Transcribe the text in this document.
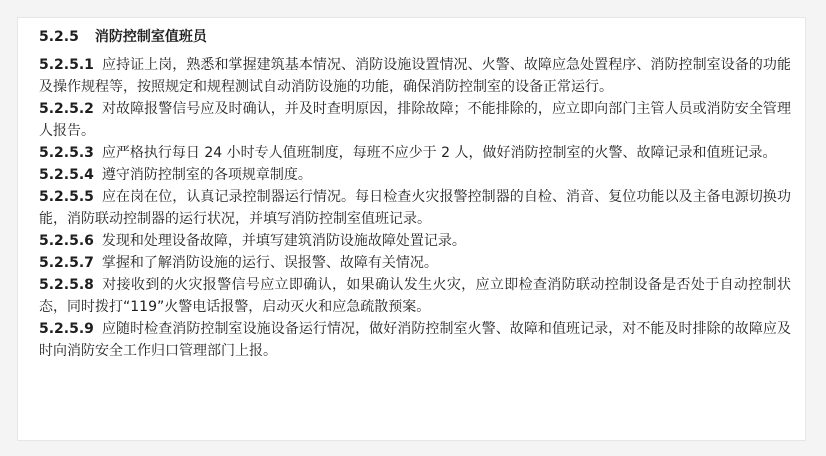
5.2.5 消防控制室值班员

5.2.5.1 应持证上岗，熟悉和掌握建筑基本情况、消防设施设置情况、火警、故障应急处置程序、消防控制室设备的功能及操作规程等，按照规定和规程测试自动消防设施的功能，确保消防控制室的设备正常运行。

5.2.5.2 对故障报警信号应及时确认，并及时查明原因，排除故障；不能排除的，应立即向部门主管人员或消防安全管理人报告。

5.2.5.3 应严格执行每日 24 小时专人值班制度，每班不应少于 2 人，做好消防控制室的火警、故障记录和值班记录。

5.2.5.4 遵守消防控制室的各项规章制度。

5.2.5.5 应在岗在位，认真记录控制器运行情况。每日检查火灾报警控制器的自检、消音、复位功能以及主备电源切换功能，消防联动控制器的运行状况，并填写消防控制室值班记录。

5.2.5.6 发现和处理设备故障，并填写建筑消防设施故障处置记录。

5.2.5.7 掌握和了解消防设施的运行、误报警、故障有关情况。

5.2.5.8 对接收到的火灾报警信号应立即确认，如果确认发生火灾，应立即检查消防联动控制设备是否处于自动控制状态，同时拨打“119”火警电话报警，启动灭火和应急疏散预案。

5.2.5.9 应随时检查消防控制室设施设备运行情况，做好消防控制室火警、故障和值班记录，对不能及时排除的故障应及时向消防安全工作归口管理部门上报。
